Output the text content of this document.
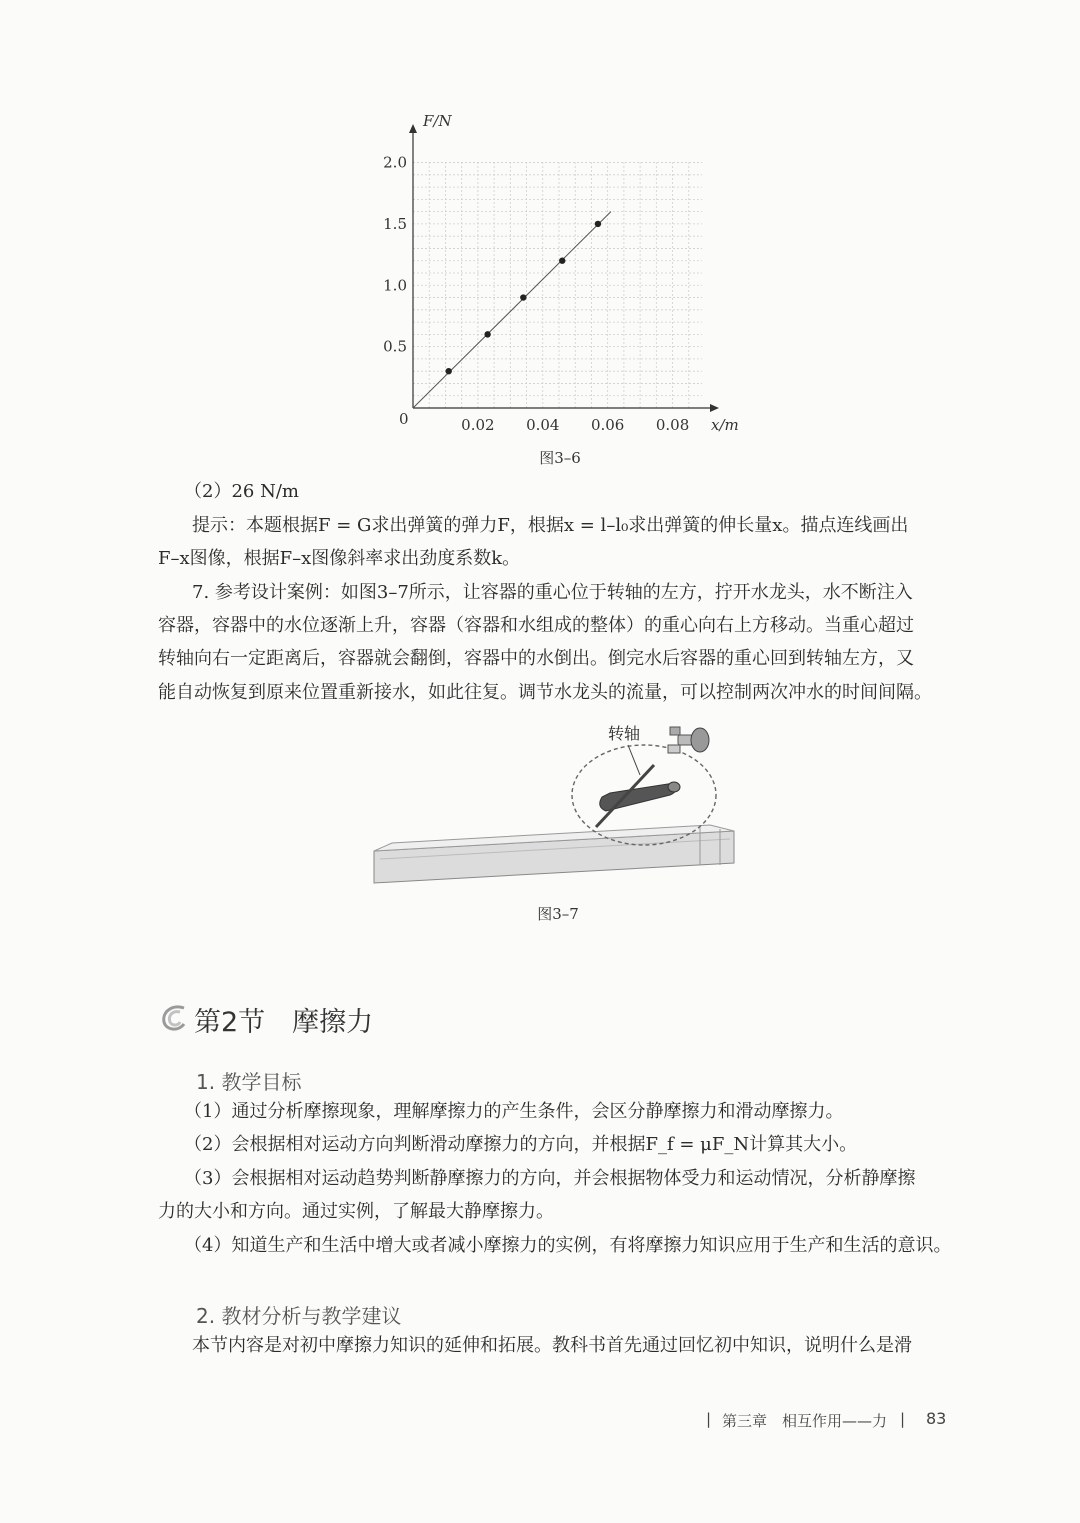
0.02 0.04 0.06 0.08
0.5
1.0
1.5
2.0
F/N
x/m
0
图3–6
（2）26 N/m
提示：本题根据F = G求出弹簧的弹力F，根据x = l–l₀求出弹簧的伸长量x。描点连线画出
F–x图像，根据F–x图像斜率求出劲度系数k。
7. 参考设计案例：如图3–7所示，让容器的重心位于转轴的左方，拧开水龙头，水不断注入
容器，容器中的水位逐渐上升，容器（容器和水组成的整体）的重心向右上方移动。当重心超过
转轴向右一定距离后，容器就会翻倒，容器中的水倒出。倒完水后容器的重心回到转轴左方，又
能自动恢复到原来位置重新接水，如此往复。调节水龙头的流量，可以控制两次冲水的时间间隔。
转轴
图3–7
第2节　摩擦力
1. 教学目标
（1）通过分析摩擦现象，理解摩擦力的产生条件，会区分静摩擦力和滑动摩擦力。
（2）会根据相对运动方向判断滑动摩擦力的方向，并根据F_f = μF_N计算其大小。
（3）会根据相对运动趋势判断静摩擦力的方向，并会根据物体受力和运动情况，分析静摩擦
力的大小和方向。通过实例，了解最大静摩擦力。
（4）知道生产和生活中增大或者减小摩擦力的实例，有将摩擦力知识应用于生产和生活的意识。
2. 教材分析与教学建议
本节内容是对初中摩擦力知识的延伸和拓展。教科书首先通过回忆初中知识，说明什么是滑
| 第三章　相互作用——力 | 83
